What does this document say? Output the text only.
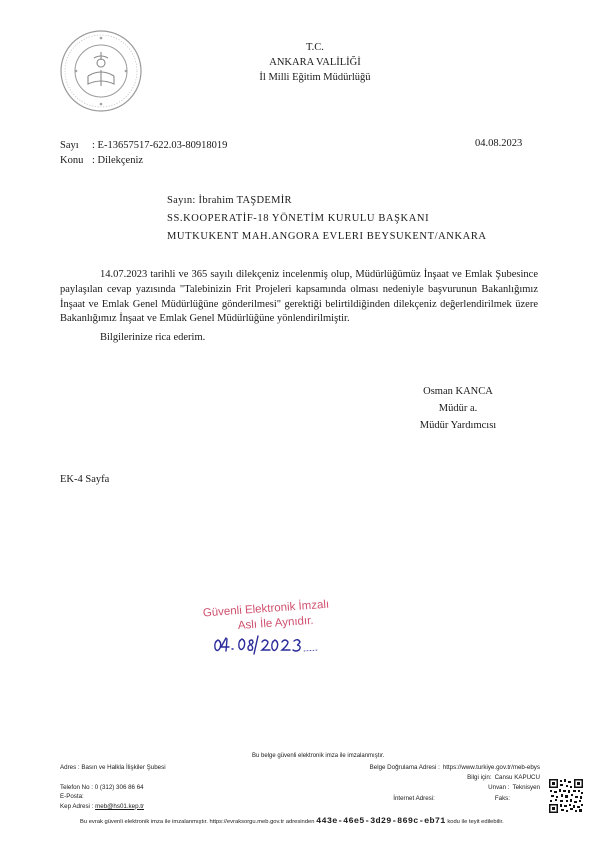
T.C.
ANKARA VALİLİĞİ
İl Milli Eğitim Müdürlüğü
Sayı	: E-13657517-622.03-80918019
Konu : Dilekçeniz
04.08.2023
Sayın: İbrahim TAŞDEMİR
SS.KOOPERATİF-18 YÖNETİM KURULU BAŞKANI
MUTKUKENT MAH.ANGORA EVLERI BEYSUKENT/ANKARA
14.07.2023 tarihli ve 365 sayılı dilekçeniz incelenmiş olup, Müdürlüğümüz İnşaat ve Emlak Şubesince paylaşılan cevap yazısında "Talebinizin Frit Projeleri kapsamında olması nedeniyle başvurunun Bakanlığımız İnşaat ve Emlak Genel Müdürlüğüne gönderilmesi" gerektiği belirtildiğinden dilekçeniz değerlendirilmek üzere Bakanlığımız İnşaat ve Emlak Genel Müdürlüğüne yönlendirilmiştir.
Bilgilerinize rica ederim.
Osman KANCA
Müdür a.
Müdür Yardımcısı
EK-4 Sayfa
Güvenli Elektronik İmzalı
Aslı İle Aynıdır.
Bu belge güvenli elektronik imza ile imzalanmıştır.
Adres : Basın ve Halkla İlişkiler Şubesi
Telefon No : 0 (312) 306 86 64
E-Posta:
Kep Adresi : meb@hs01.kep.tr
Belge Doğrulama Adresi : https://www.turkiye.gov.tr/meb-ebys
Bilgi için: Cansu KAPUCU
Unvan : Teknisyen
İnternet Adresi:	Faks:
Bu evrak güvenli elektronik imza ile imzalanmıştır. https://evraksorgu.meb.gov.tr adresinden 443e-46e5-3d29-869c-eb71 kodu ile teyit edilebilir.
